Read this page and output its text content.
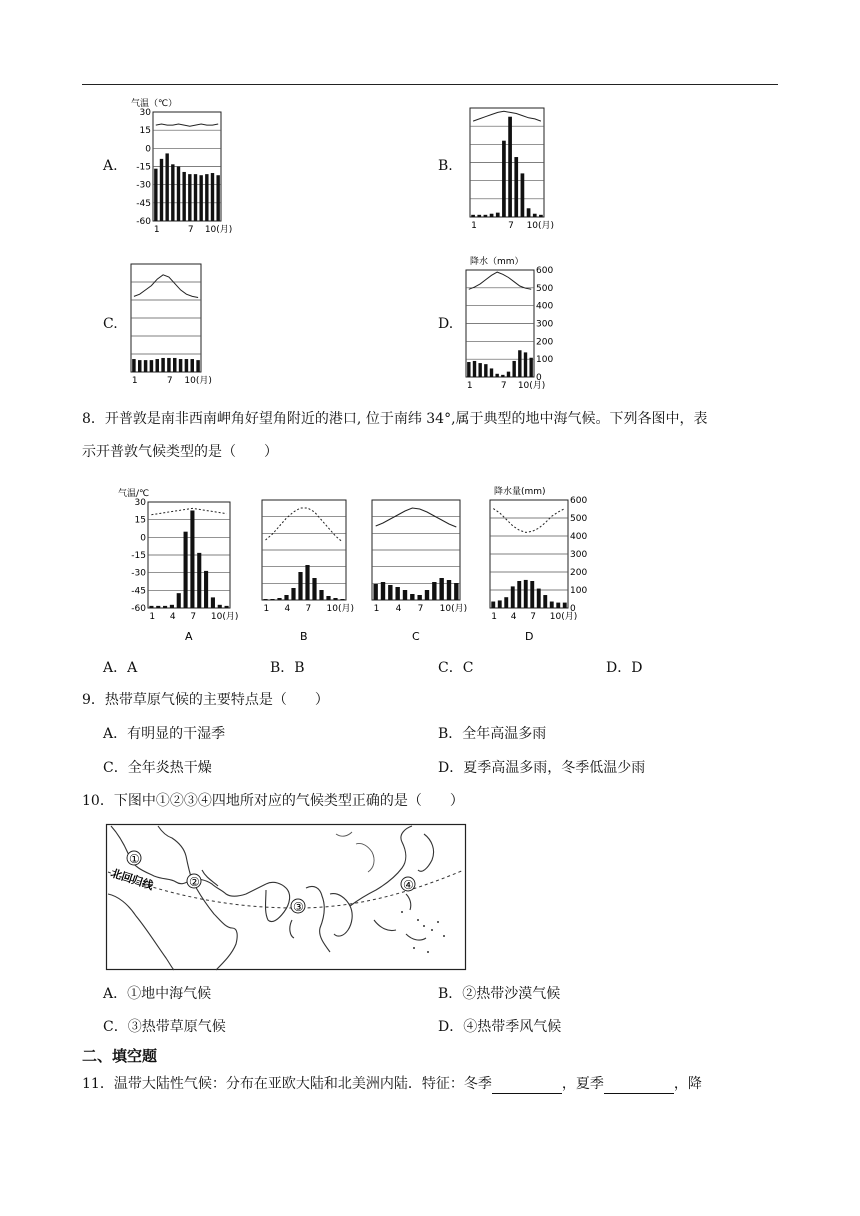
A.	B.
C.	D.
气温（℃）
30
15
0
-15
-30
-45
-60
1	7 10(月)	1	7 10(月)
1	7 10(月)
降水（mm）
600
500
400
300
200
100
0
1	7 10(月)
8．开普敦是南非西南岬角好望角附近的港口, 位于南纬 34°,属于典型的地中海气候。下列各图中，表
示开普敦气候类型的是（　　）
气温/℃
30
15
0
-15
-30
-45
-60
1 4 7 10(月)
A
1 4 7 10(月)
B
1 4 7 10(月)
C
降水量(mm)
600
500
400
300
200
100
0
1 4 7 10(月)
D
A．A	B．B	C．C	D．D
9．热带草原气候的主要特点是（　　）
A．有明显的干湿季	B．全年高温多雨
C．全年炎热干燥	D．夏季高温多雨，冬季低温少雨
10．下图中①②③④四地所对应的气候类型正确的是（　　）
北回归线
①
②
③
④
A．①地中海气候	B．②热带沙漠气候
C．③热带草原气候	D．④热带季风气候
二、填空题
11．温带大陆性气候：分布在亚欧大陆和北美洲内陆．特征：冬季	，夏季	，降
